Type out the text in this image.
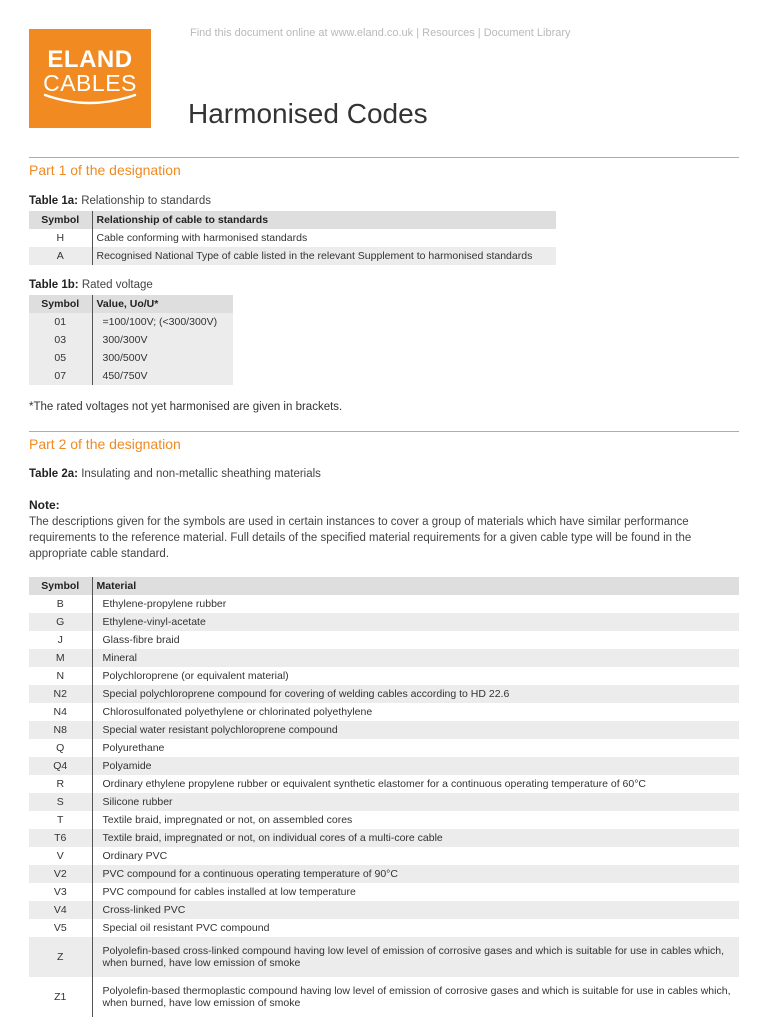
ELAND
CABLES
Find this document online at www.eland.co.uk | Resources | Document Library
Harmonised Codes
Part 1 of the designation
Table 1a: Relationship to standards
Symbol	Relationship of cable to standards
H	Cable conforming with harmonised standards
A	Recognised National Type of cable listed in the relevant Supplement to harmonised standards
Table 1b: Rated voltage
Symbol	Value, Uo/U*
01	=100/100V; (<300/300V)
03	300/300V
05	300/500V
07	450/750V
*The rated voltages not yet harmonised are given in brackets.
Part 2 of the designation
Table 2a: Insulating and non-metallic sheathing materials
Note:
The descriptions given for the symbols are used in certain instances to cover a group of materials which have similar performance requirements to the reference material. Full details of the specified material requirements for a given cable type will be found in the appropriate cable standard.
Symbol	Material
B	Ethylene-propylene rubber
G	Ethylene-vinyl-acetate
J	Glass-fibre braid
M	Mineral
N	Polychloroprene (or equivalent material)
N2	Special polychloroprene compound for covering of welding cables according to HD 22.6
N4	Chlorosulfonated polyethylene or chlorinated polyethylene
N8	Special water resistant polychloroprene compound
Q	Polyurethane
Q4	Polyamide
R	Ordinary ethylene propylene rubber or equivalent synthetic elastomer for a continuous operating temperature of 60°C
S	Silicone rubber
T	Textile braid, impregnated or not, on assembled cores
T6	Textile braid, impregnated or not, on individual cores of a multi-core cable
V	Ordinary PVC
V2	PVC compound for a continuous operating temperature of 90°C
V3	PVC compound for cables installed at low temperature
V4	Cross-linked PVC
V5	Special oil resistant PVC compound
Z	Polyolefin-based cross-linked compound having low level of emission of corrosive gases and which is suitable for use in cables which, when burned, have low emission of smoke
Z1	Polyolefin-based thermoplastic compound having low level of emission of corrosive gases and which is suitable for use in cables which, when burned, have low emission of smoke
